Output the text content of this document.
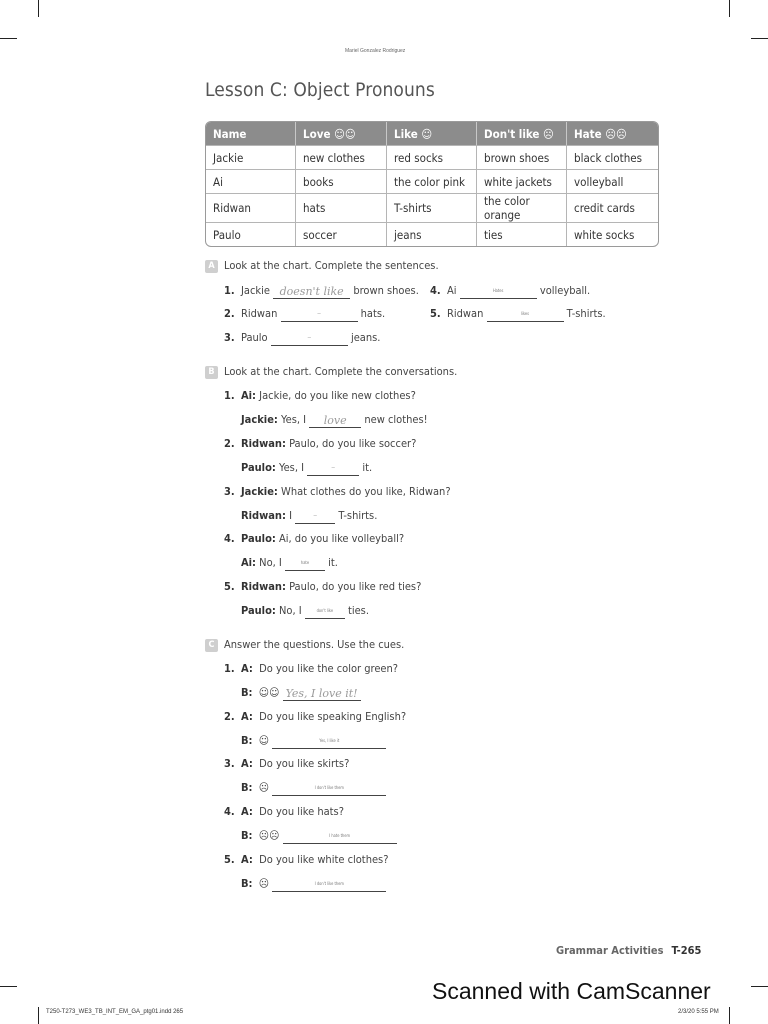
Mariel Gonzalez Rodriguez
Lesson C: Object Pronouns
Name	Love ☺☺	Like ☺	Don't like ☹	Hate ☹☹
Jackie	new clothes	red socks	brown shoes	black clothes
Ai	books	the color pink	white jackets	volleyball
Ridwan	hats	T-shirts	the color orange	credit cards
Paulo	soccer	jeans	ties	white socks
A Look at the chart. Complete the sentences.
1. Jackie doesn't like brown shoes.
2. Ridwan	—	hats.
3. Paulo	—	jeans.
4. Ai	$^{Hates}$	volleyball.
5. Ridwan	$^{likes}$	T-shirts.
B Look at the chart. Complete the conversations.
1. Ai: Jackie, do you like new clothes?
Jackie: Yes, I love new clothes!
2. Ridwan: Paulo, do you like soccer?
Paulo: Yes, I	— it.
3. Jackie: What clothes do you like, Ridwan?
Ridwan: I	— T-shirts.
4. Paulo: Ai, do you like volleyball?
Ai: No, I	$^{hate}$ it.
5. Ridwan: Paulo, do you like red ties?
Paulo: No, I	$^{don't like}$ ties.
C Answer the questions. Use the cues.
1. A: Do you like the color green?
B: ☺☺ Yes, I love it!
2. A: Do you like speaking English?
B: ☺	$^{Yes, I like it}$
3. A: Do you like skirts?
B: ☹	$^{I don't like them}$
4. A: Do you like hats?
B: ☹☹	$^{I hate them}$
5. A: Do you like white clothes?
B: ☹	$^{I don't like them}$
Grammar Activities T-265
Scanned with CamScanner
T250-T273_WE3_TB_INT_EM_GA_ptg01.indd 265	2/3/20 5:55 PM
